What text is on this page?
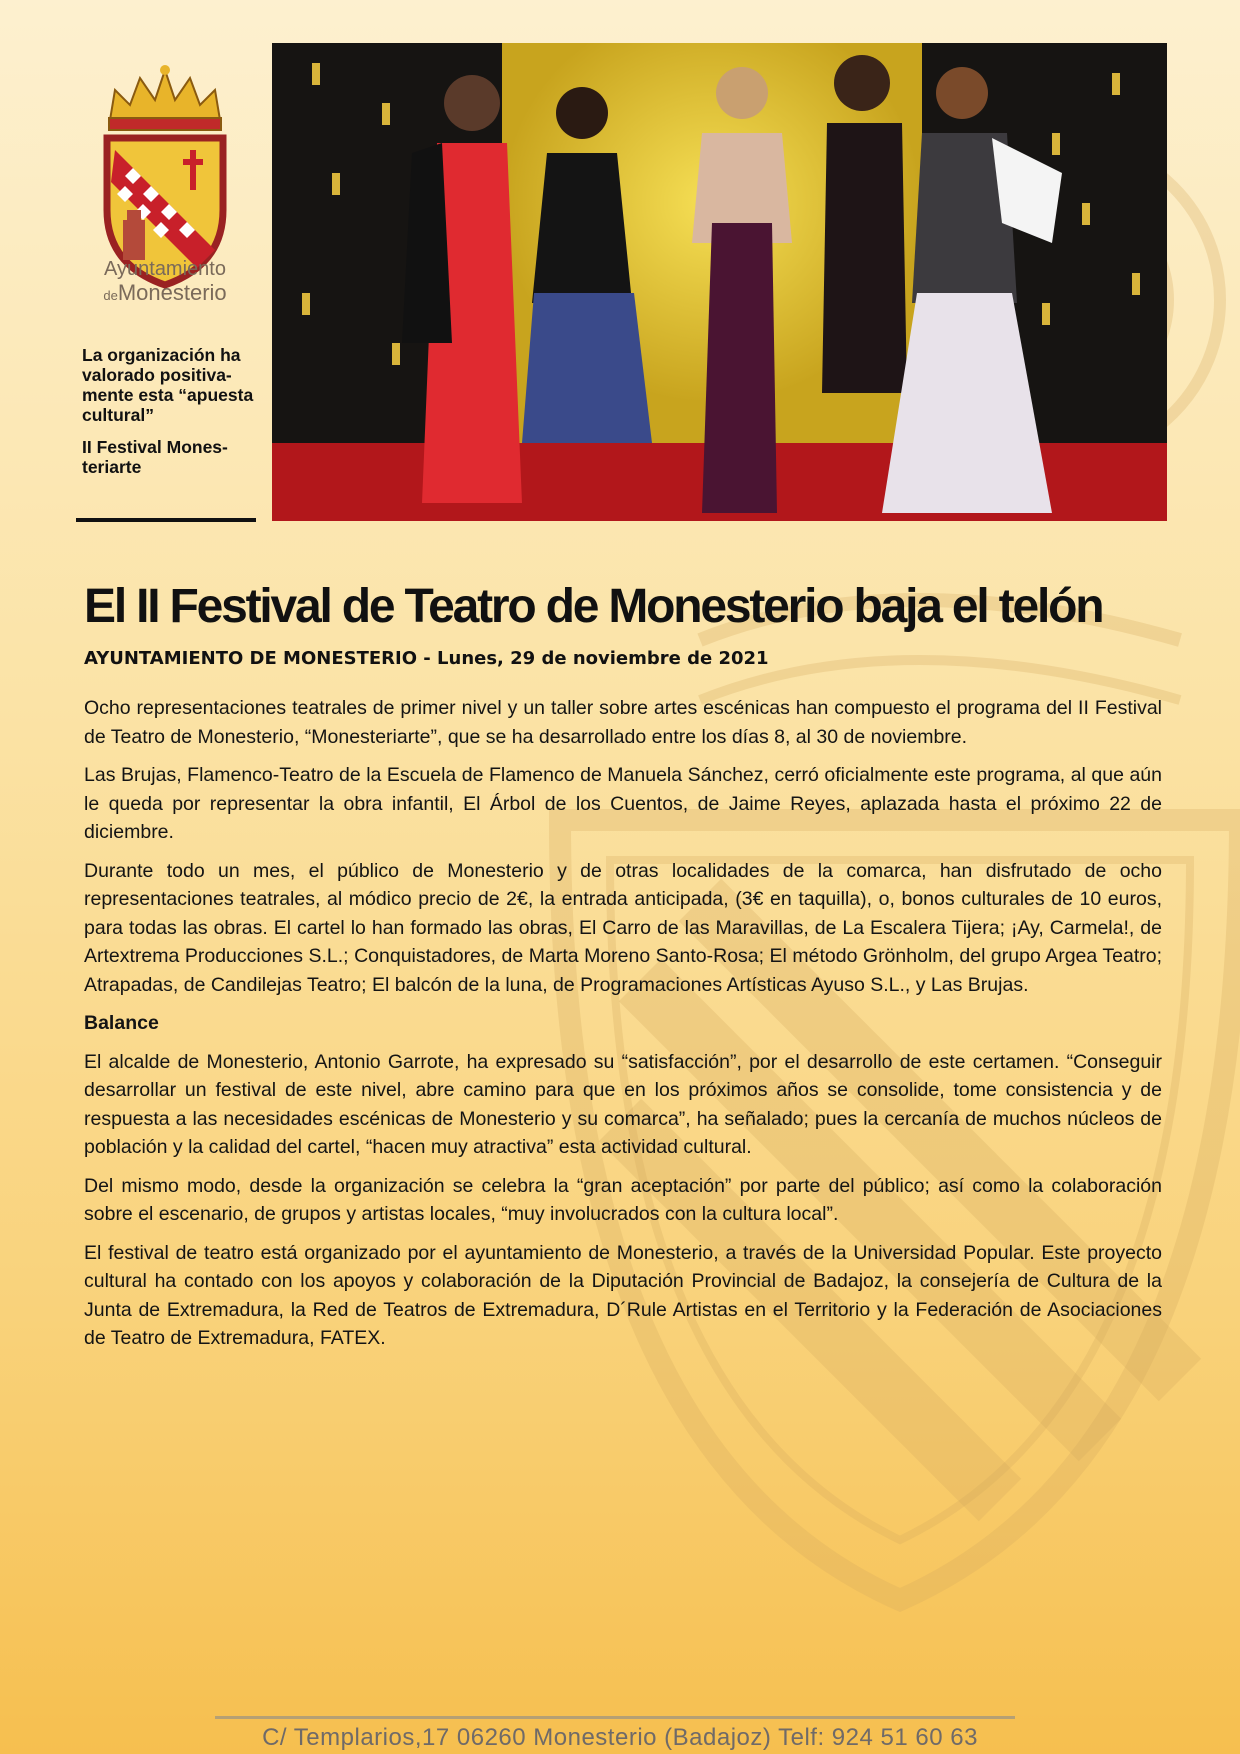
Ayuntamiento
deMonesterio

La organización ha valorado positiva-mente esta “apuesta cultural”

II Festival Mones-teriarte

El II Festival de Teatro de Monesterio baja el telón
AYUNTAMIENTO DE MONESTERIO - Lunes, 29 de noviembre de 2021

Ocho representaciones teatrales de primer nivel y un taller sobre artes escénicas han compuesto el programa del II Festival de Teatro de Monesterio, “Monesteriarte”, que se ha desarrollado entre los días 8, al 30 de noviembre.

Las Brujas, Flamenco-Teatro de la Escuela de Flamenco de Manuela Sánchez, cerró oficialmente este programa, al que aún le queda por representar la obra infantil, El Árbol de los Cuentos, de Jaime Reyes, aplazada hasta el próximo 22 de diciembre.

Durante todo un mes, el público de Monesterio y de otras localidades de la comarca, han disfrutado de ocho representaciones teatrales, al módico precio de 2€, la entrada anticipada, (3€ en taquilla), o, bonos culturales de 10 euros, para todas las obras. El cartel lo han formado las obras, El Carro de las Maravillas, de La Escalera Tijera; ¡Ay, Carmela!, de Artextrema Producciones S.L.; Conquistadores, de Marta Moreno Santo-Rosa; El método Grönholm, del grupo Argea Teatro; Atrapadas, de Candilejas Teatro; El balcón de la luna, de Programaciones Artísticas Ayuso S.L., y Las Brujas.

Balance

El alcalde de Monesterio, Antonio Garrote, ha expresado su “satisfacción”, por el desarrollo de este certamen. “Conseguir desarrollar un festival de este nivel, abre camino para que en los próximos años se consolide, tome consistencia y de respuesta a las necesidades escénicas de Monesterio y su comarca”, ha señalado; pues la cercanía de muchos núcleos de población y la calidad del cartel, “hacen muy atractiva” esta actividad cultural.

Del mismo modo, desde la organización se celebra la “gran aceptación” por parte del público; así como la colaboración sobre el escenario, de grupos y artistas locales, “muy involucrados con la cultura local”.

El festival de teatro está organizado por el ayuntamiento de Monesterio, a través de la Universidad Popular. Este proyecto cultural ha contado con los apoyos y colaboración de la Diputación Provincial de Badajoz, la consejería de Cultura de la Junta de Extremadura, la Red de Teatros de Extremadura, D´Rule Artistas en el Territorio y la Federación de Asociaciones de Teatro de Extremadura, FATEX.

C/ Templarios,17 06260 Monesterio (Badajoz) Telf: 924 51 60 63
